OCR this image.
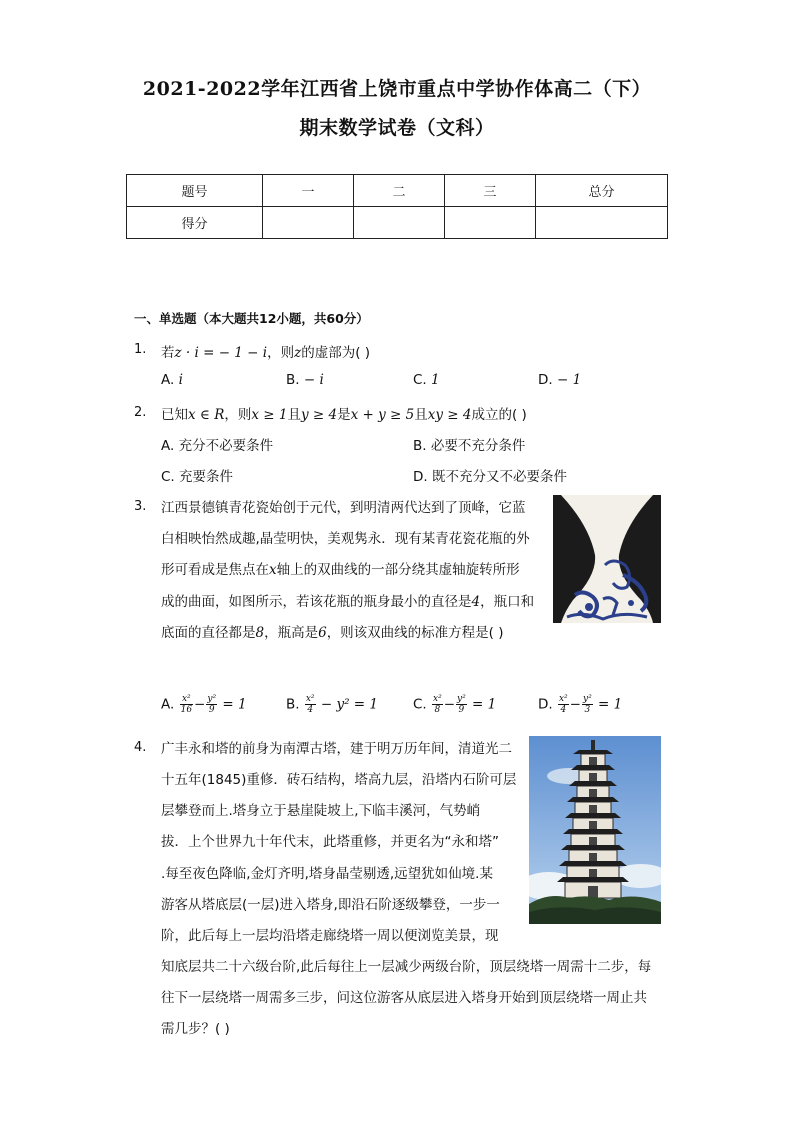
2021-2022学年江西省上饶市重点中学协作体高二（下）
期末数学试卷（文科）
题号	一	二	三	总分
得分				
一、单选题（本大题共12小题，共60分）
1. 若z · i = − 1 − i，则z的虚部为( )
A. i	B. − i	C. 1	D. − 1
2. 已知x ∈ R，则x ≥ 1且y ≥ 4是x + y ≥ 5且xy ≥ 4成立的( )
A. 充分不必要条件	B. 必要不充分条件
C. 充要条件	D. 既不充分又不必要条件
3. 江西景德镇青花瓷始创于元代，到明清两代达到了顶峰，它蓝
白相映怡然成趣,晶莹明快，美观隽永．现有某青花瓷花瓶的外
形可看成是焦点在x轴上的双曲线的一部分绕其虚轴旋转所形
成的曲面，如图所示，若该花瓶的瓶身最小的直径是4，瓶口和
底面的直径都是8，瓶高是6，则该双曲线的标准方程是( )
A. $\frac{\text{x²}}{16} - \frac{\text{y²}}{9} = 1$	B. $\frac{\text{x²}}{4} - y^2 = 1$	C. $\frac{\text{x²}}{8} - \frac{\text{y²}}{9} = 1$	D. $\frac{\text{x²}}{4} - \frac{\text{y²}}{3} = 1$
4. 广丰永和塔的前身为南潭古塔，建于明万历年间，清道光二
十五年(1845)重修．砖石结构，塔高九层，沿塔内石阶可层
层攀登而上.塔身立于悬崖陡坡上,下临丰溪河，气势峭
拔．上个世界九十年代末，此塔重修，并更名为“永和塔”
.每至夜色降临,金灯齐明,塔身晶莹剔透,远望犹如仙境.某
游客从塔底层(一层)进入塔身,即沿石阶逐级攀登，一步一
阶，此后每上一层均沿塔走廊绕塔一周以便浏览美景，现
知底层共二十六级台阶,此后每往上一层减少两级台阶，顶层绕塔一周需十二步，每
往下一层绕塔一周需多三步，问这位游客从底层进入塔身开始到顶层绕塔一周止共
需几步？( )
